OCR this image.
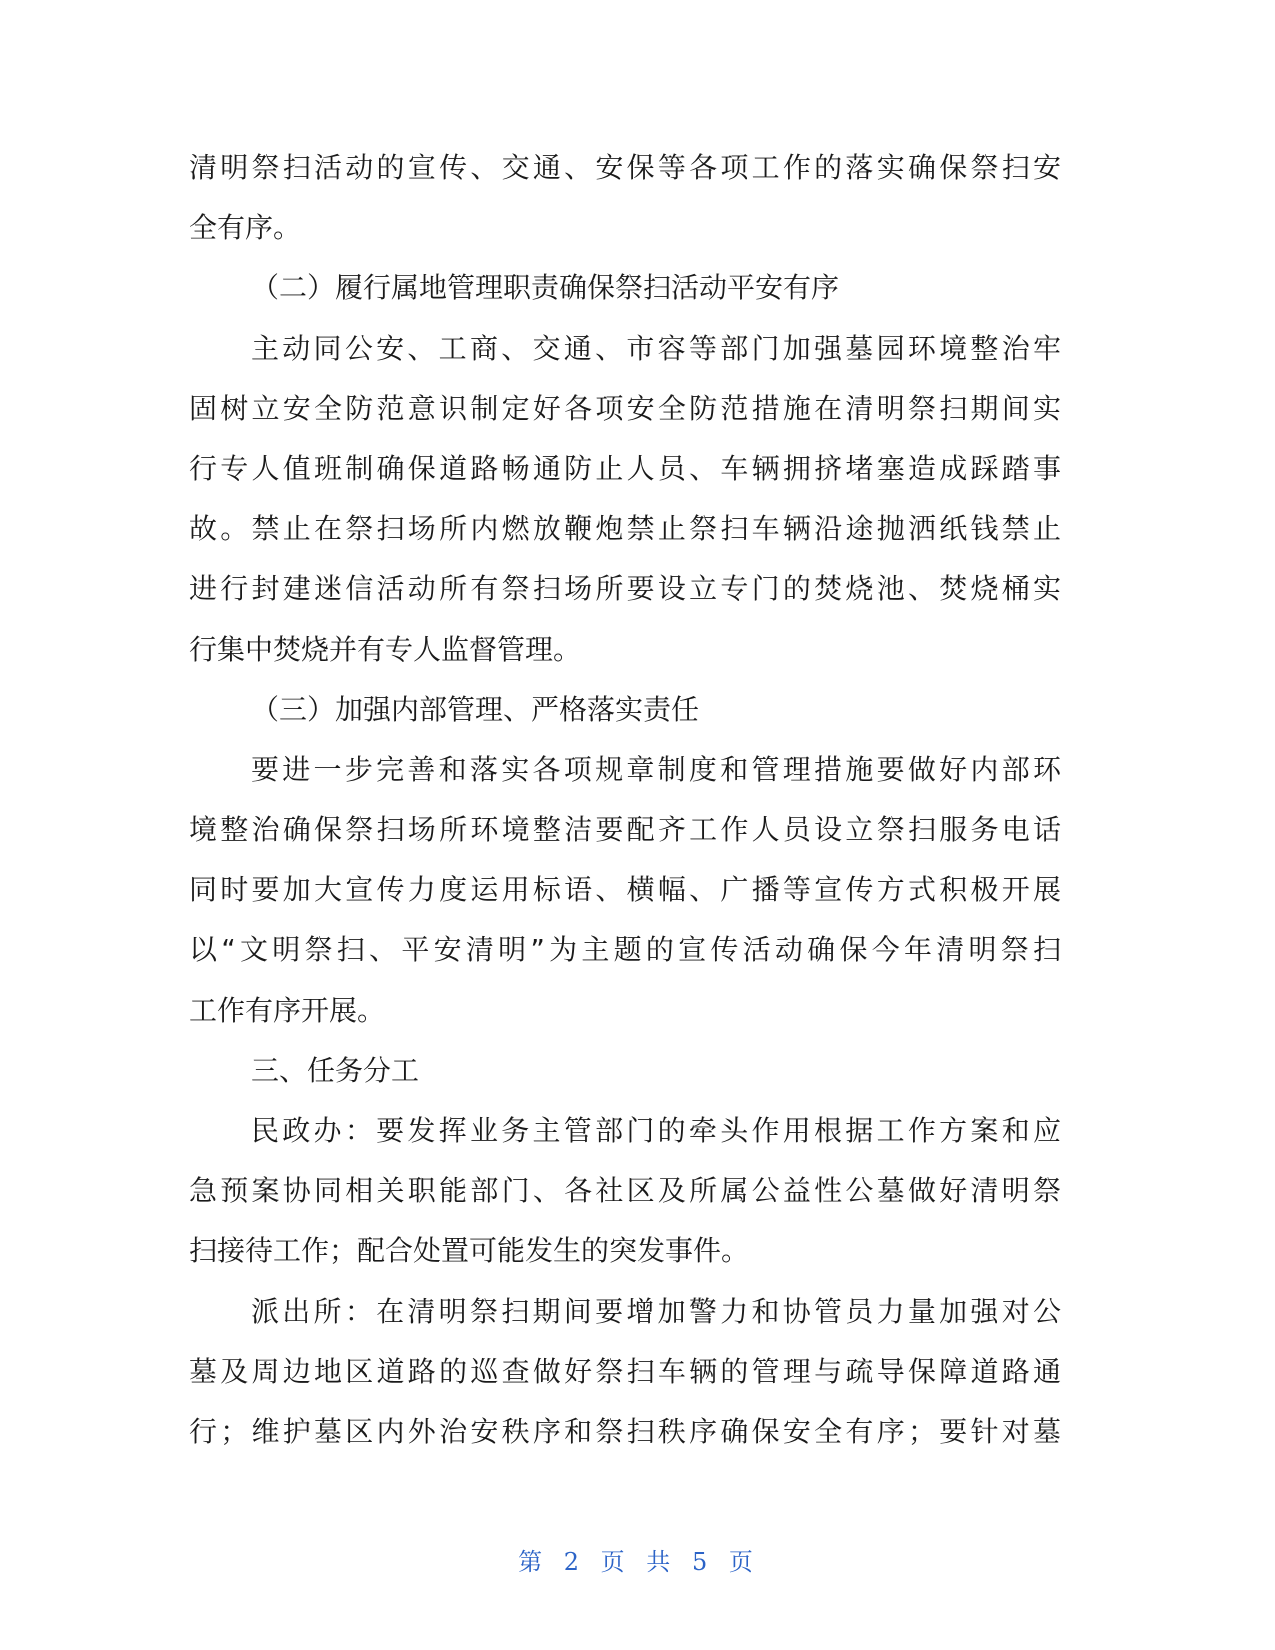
清明祭扫活动的宣传、交通、安保等各项工作的落实确保祭扫安
全有序。
（二）履行属地管理职责确保祭扫活动平安有序
主动同公安、工商、交通、市容等部门加强墓园环境整治牢
固树立安全防范意识制定好各项安全防范措施在清明祭扫期间实
行专人值班制确保道路畅通防止人员、车辆拥挤堵塞造成踩踏事
故。禁止在祭扫场所内燃放鞭炮禁止祭扫车辆沿途抛洒纸钱禁止
进行封建迷信活动所有祭扫场所要设立专门的焚烧池、焚烧桶实
行集中焚烧并有专人监督管理。
（三）加强内部管理、严格落实责任
要进一步完善和落实各项规章制度和管理措施要做好内部环
境整治确保祭扫场所环境整洁要配齐工作人员设立祭扫服务电话
同时要加大宣传力度运用标语、横幅、广播等宣传方式积极开展
以“文明祭扫、平安清明”为主题的宣传活动确保今年清明祭扫
工作有序开展。
三、任务分工
民政办：要发挥业务主管部门的牵头作用根据工作方案和应
急预案协同相关职能部门、各社区及所属公益性公墓做好清明祭
扫接待工作；配合处置可能发生的突发事件。
派出所：在清明祭扫期间要增加警力和协管员力量加强对公
墓及周边地区道路的巡查做好祭扫车辆的管理与疏导保障道路通
行；维护墓区内外治安秩序和祭扫秩序确保安全有序；要针对墓
第 2 页 共 5 页
